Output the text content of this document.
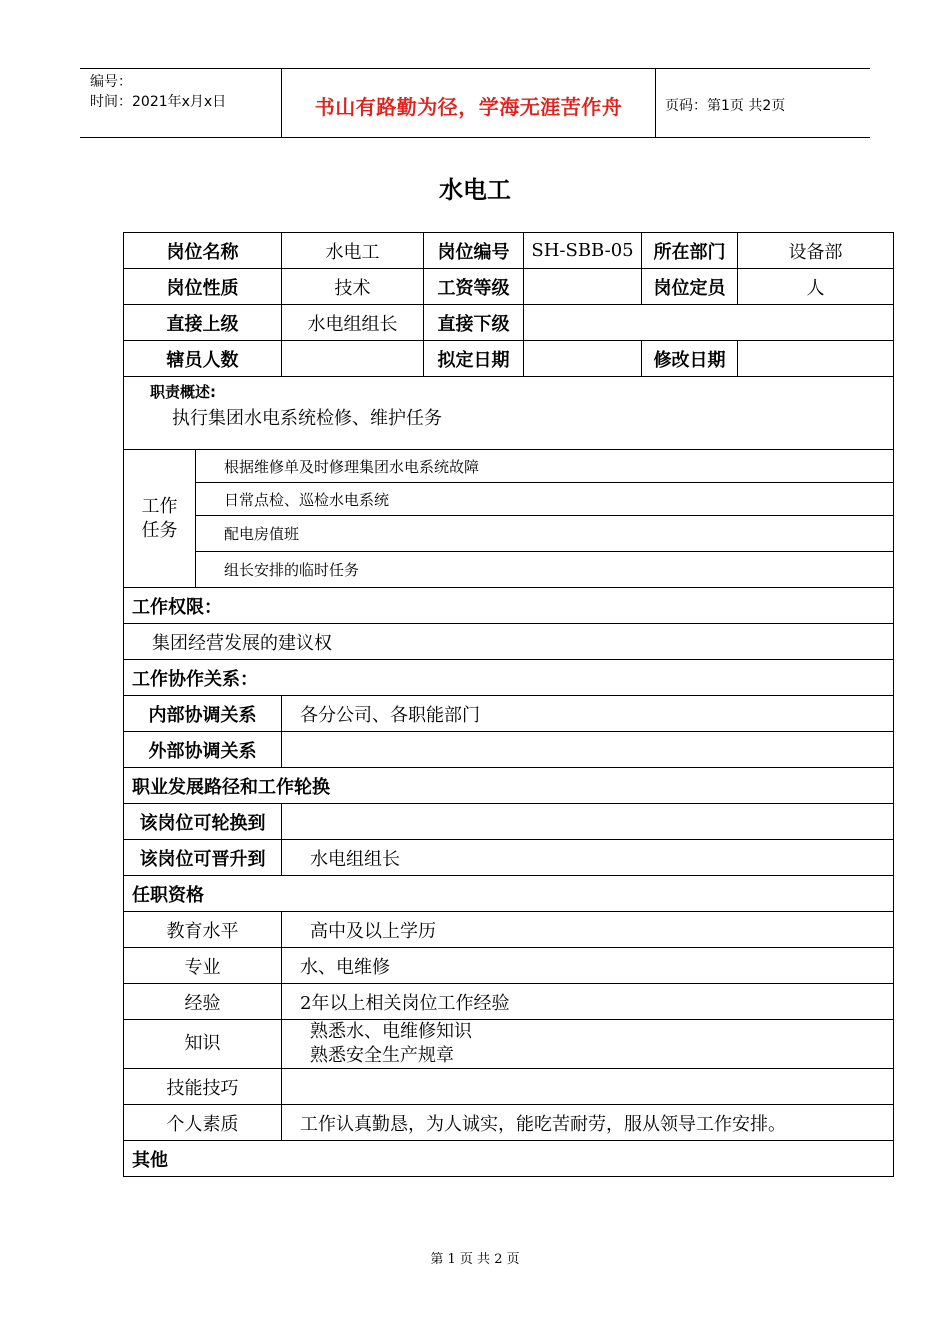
编号：
时间：2021年x月x日	书山有路勤为径，学海无涯苦作舟	页码：第1页 共2页
水电工
岗位名称		水电工	岗位编号	SH-SBB-05	所在部门	设备部
岗位性质		技术	工资等级		岗位定员	人
直接上级		水电组组长	直接下级			
辖员人数			拟定日期		修改日期	

职责概述:
执行集团水电系统检修、维护任务						

工作
任务	根据维修单及时修理集团水电系统故障					
	日常点检、巡检水电系统					
	配电房值班					
	组长安排的临时任务					
工作权限：						
集团经营发展的建议权						
工作协作关系：						
内部协调关系		各分公司、各职能部门				
外部协调关系						
职业发展路径和工作轮换						
该岗位可轮换到						
该岗位可晋升到		水电组组长				
任职资格						
教育水平		高中及以上学历				
专业		水、电维修				
经验		2年以上相关岗位工作经验				
知识		熟悉水、电维修知识
熟悉安全生产规章				

技能技巧						
个人素质		工作认真勤恳，为人诚实，能吃苦耐劳，服从领导工作安排。				
其他						
第 1 页 共 2 页
